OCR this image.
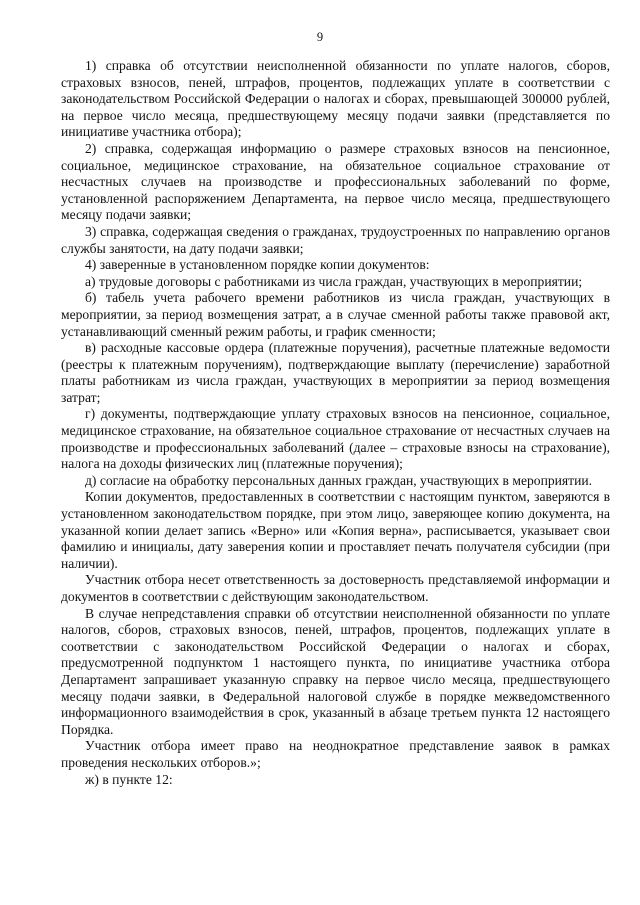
9

1) справка об отсутствии неисполненной обязанности по уплате налогов, сборов, страховых взносов, пеней, штрафов, процентов, подлежащих уплате в соответствии с законодательством Российской Федерации о налогах и сборах, превышающей 300000 рублей, на первое число месяца, предшествующему месяцу подачи заявки (представляется по инициативе участника отбора);

2) справка, содержащая информацию о размере страховых взносов на пенсионное, социальное, медицинское страхование, на обязательное социальное страхование от несчастных случаев на производстве и профессиональных заболеваний по форме, установленной распоряжением Департамента, на первое число месяца, предшествующего месяцу подачи заявки;

3) справка, содержащая сведения о гражданах, трудоустроенных по направлению органов службы занятости, на дату подачи заявки;

4) заверенные в установленном порядке копии документов:

а) трудовые договоры с работниками из числа граждан, участвующих в мероприятии;

б) табель учета рабочего времени работников из числа граждан, участвующих в мероприятии, за период возмещения затрат, а в случае сменной работы также правовой акт, устанавливающий сменный режим работы, и график сменности;

в) расходные кассовые ордера (платежные поручения), расчетные платежные ведомости (реестры к платежным поручениям), подтверждающие выплату (перечисление) заработной платы работникам из числа граждан, участвующих в мероприятии за период возмещения затрат;

г) документы, подтверждающие уплату страховых взносов на пенсионное, социальное, медицинское страхование, на обязательное социальное страхование от несчастных случаев на производстве и профессиональных заболеваний (далее – страховые взносы на страхование), налога на доходы физических лиц (платежные поручения);

д) согласие на обработку персональных данных граждан, участвующих в мероприятии.

Копии документов, предоставленных в соответствии с настоящим пунктом, заверяются в установленном законодательством порядке, при этом лицо, заверяющее копию документа, на указанной копии делает запись «Верно» или «Копия верна», расписывается, указывает свои фамилию и инициалы, дату заверения копии и проставляет печать получателя субсидии (при наличии).

Участник отбора несет ответственность за достоверность представляемой информации и документов в соответствии с действующим законодательством.

В случае непредставления справки об отсутствии неисполненной обязанности по уплате налогов, сборов, страховых взносов, пеней, штрафов, процентов, подлежащих уплате в соответствии с законодательством Российской Федерации о налогах и сборах, предусмотренной подпунктом 1 настоящего пункта, по инициативе участника отбора Департамент запрашивает указанную справку на первое число месяца, предшествующего месяцу подачи заявки, в Федеральной налоговой службе в порядке межведомственного информационного взаимодействия в срок, указанный в абзаце третьем пункта 12 настоящего Порядка.

Участник отбора имеет право на неоднократное представление заявок в рамках проведения нескольких отборов.»;

ж) в пункте 12:
